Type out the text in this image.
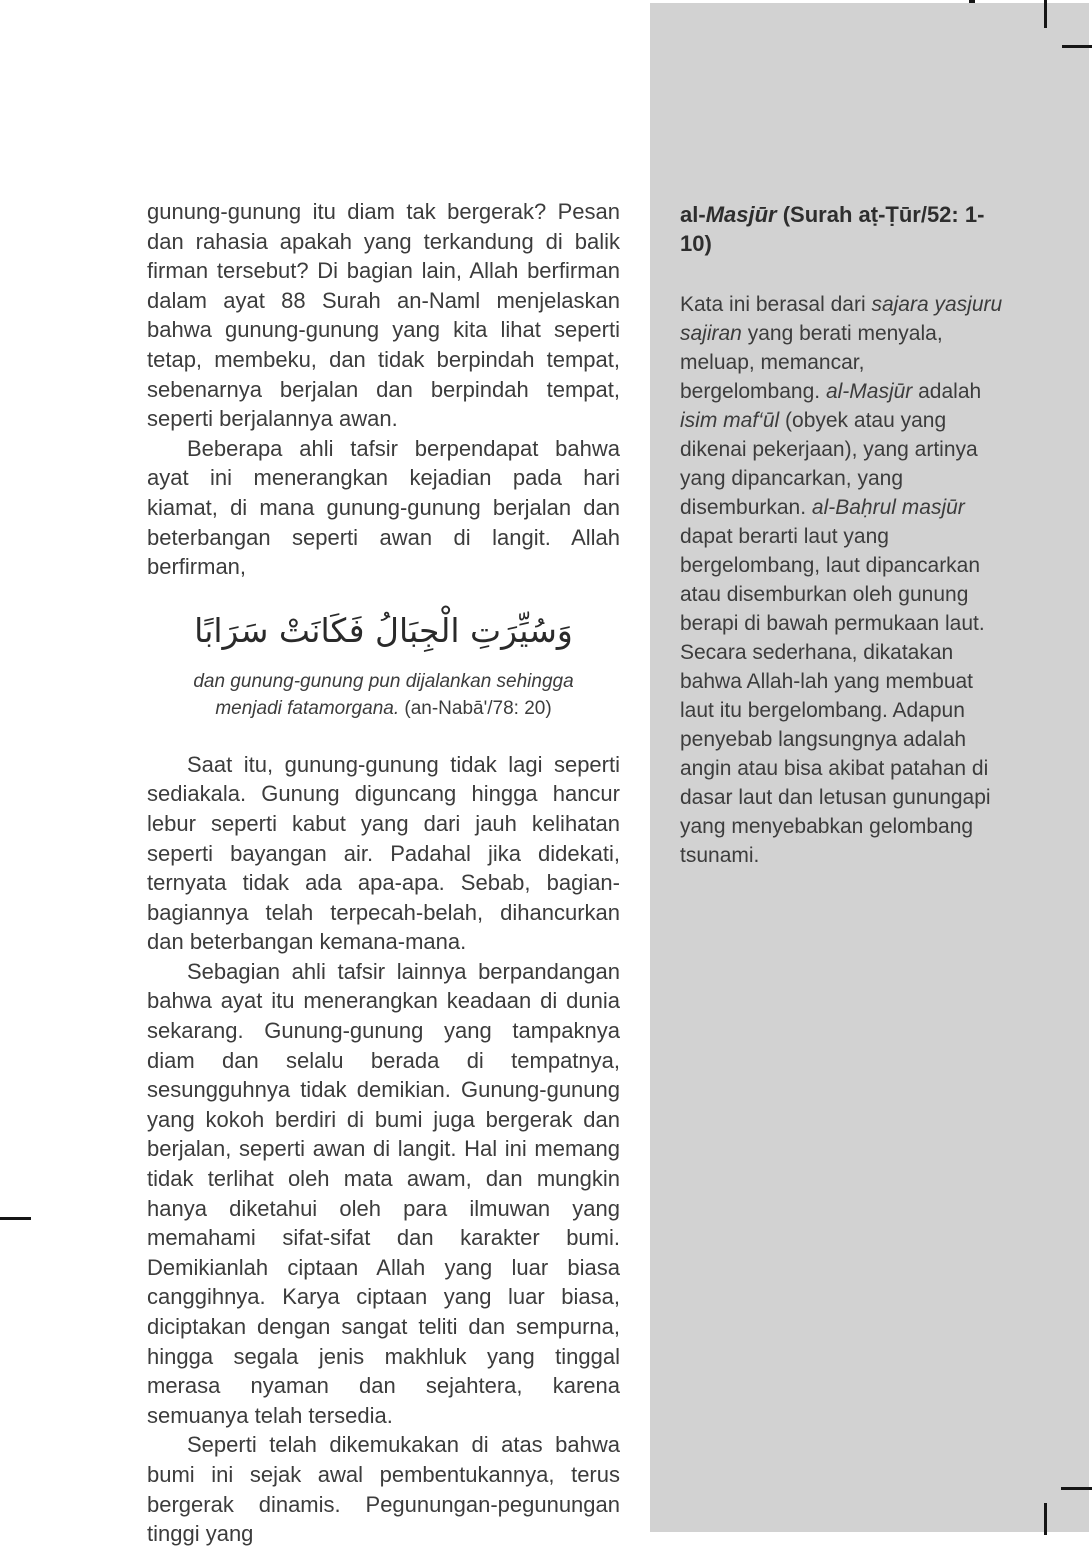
al-Masjūr (Surah aṭ-Ṭūr/52: 1-10)

Kata ini berasal dari sajara yasjuru sajiran yang berati menyala, meluap, memancar, bergelombang. al-Masjūr adalah isim maf‘ūl (obyek atau yang dikenai pekerjaan), yang artinya yang dipancarkan, yang disemburkan. al-Baḥrul masjūr dapat berarti laut yang bergelombang, laut dipancarkan atau disemburkan oleh gunung berapi di bawah permukaan laut. Secara sederhana, dikatakan bahwa Allah-lah yang membuat laut itu bergelombang. Adapun penyebab langsungnya adalah angin atau bisa akibat patahan di dasar laut dan letusan gunungapi yang menyebabkan gelombang tsunami.

gunung-gunung itu diam tak bergerak? Pesan dan rahasia apakah yang terkandung di balik firman tersebut? Di bagian lain, Allah berfirman dalam ayat 88 Surah an-Naml menjelaskan bahwa gunung-gunung yang kita lihat seperti tetap, membeku, dan tidak berpindah tempat, sebenarnya berjalan dan berpindah tempat, seperti berjalannya awan.

Beberapa ahli tafsir berpendapat bahwa ayat ini menerangkan kejadian pada hari kiamat, di mana gunung-gunung berjalan dan beterbangan seperti awan di langit. Allah berfirman,

وَسُيِّرَتِ الْجِبَالُ فَكَانَتْ سَرَابًا
dan gunung-gunung pun dijalankan sehingga menjadi fatamorgana. (an-Nabā'/78: 20)

Saat itu, gunung-gunung tidak lagi seperti sediakala. Gunung diguncang hingga hancur lebur seperti kabut yang dari jauh kelihatan seperti bayangan air. Padahal jika didekati, ternyata tidak ada apa-apa. Sebab, bagian-bagiannya telah terpecah-belah, dihancurkan dan beterbangan kemana-mana.

Sebagian ahli tafsir lainnya berpandangan bahwa ayat itu menerangkan keadaan di dunia sekarang. Gunung-gunung yang tampaknya diam dan selalu berada di tempatnya, sesungguhnya tidak demikian. Gunung-gunung yang kokoh berdiri di bumi juga bergerak dan berjalan, seperti awan di langit. Hal ini memang tidak terlihat oleh mata awam, dan mungkin hanya diketahui oleh para ilmuwan yang memahami sifat-sifat dan karakter bumi. Demikianlah ciptaan Allah yang luar biasa canggihnya. Karya ciptaan yang luar biasa, diciptakan dengan sangat teliti dan sempurna, hingga segala jenis makhluk yang tinggal merasa nyaman dan sejahtera, karena semuanya telah tersedia.

Seperti telah dikemukakan di atas bahwa bumi ini sejak awal pembentukannya, terus bergerak dinamis. Pegunungan-pegunungan tinggi yang
